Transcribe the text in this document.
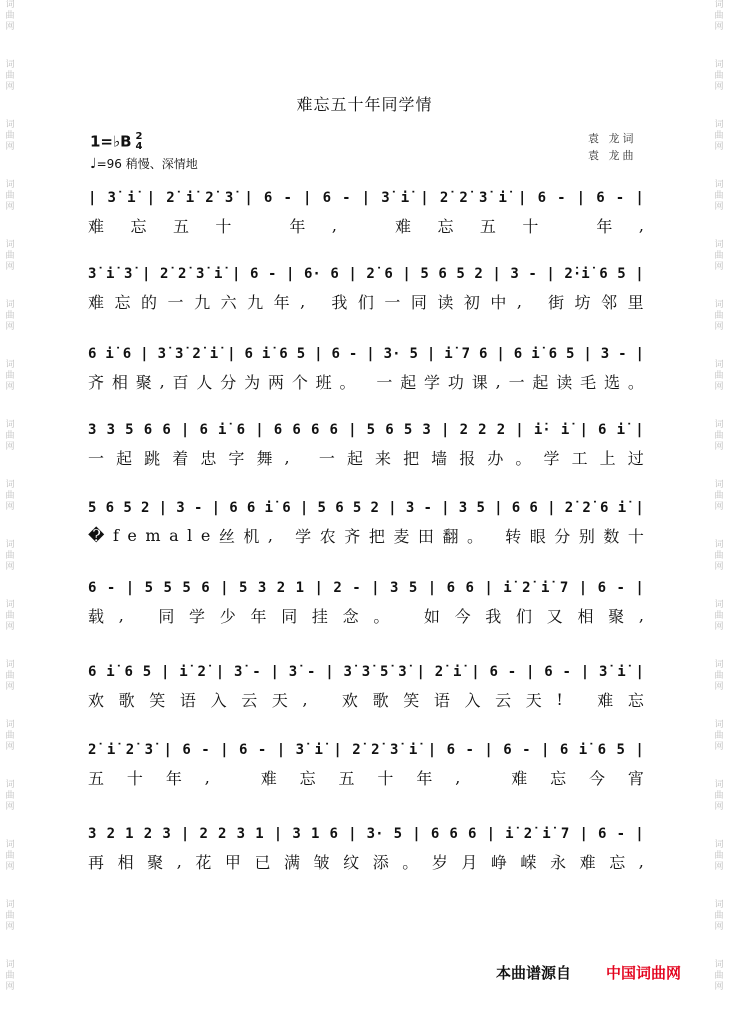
词
曲
网
词
曲
网
词
曲
网
词
曲
网
词
曲
网
词
曲
网
词
曲
网
词
曲
网
词
曲
网
词
曲
网
词
曲
网
词
曲
网
词
曲
网
词
曲
网
词
曲
网
词
曲
网
词
曲
网
词
曲
网
词
曲
网
词
曲
网
词
曲
网
词
曲
网
词
曲
网
词
曲
网
词
曲
网
词
曲
网
词
曲
网
词
曲
网
词
曲
网
词
曲
网
词
曲
网
词
曲
网
词
曲
网
词
曲
网
难忘五十年同学情
1=♭B 2
4
♩=96 稍慢、深情地
袁 龙词
袁 龙曲
| 3̇ i̇ | 2̇ i̇ 2̇ 3̇ | 6 - | 6 - | 3̇ i̇ | 2̇ 2̇ 3̇ i̇ | 6 - | 6 - |
难 忘 五 十
	年 ,
	难 忘 五 十
	年 ,
3̇ i̇ 3̇ | 2̇ 2̇ 3̇ i̇ | 6 - | 6· 6 | 2̇ 6 | 5 6 5 2 | 3 - | 2̇·i̇ 6 5 |
难 忘 的 一 九 六 九 年 ,
我 们 一 同 读 初 中 ,
街 坊 邻 里
6 i̇ 6 | 3̇ 3̇ 2̇ i̇ | 6 i̇ 6 5 | 6 - | 3· 5 | i̇ 7 6 | 6 i̇ 6 5 | 3 - |
齐 相 聚 , 百 人 分 为 两 个 班 。
一 起 学 功 课 , 一 起 读 毛 选 。
3 3 5 6 6 | 6 i̇ 6 | 6 6 6 6 | 5 6 5 3 | 2 2 2 | i̇· i̇ | 6 i̇ |
一 起 跳 着 忠 字 舞 ,
一 起 来 把 墙 报 办 。 学 工 上 过
5 6 5 2 | 3 - | 6 6 i̇ 6 | 5 6 5 2 | 3 - | 3 5 | 6 6 | 2̇ 2̇ 6 i̇ |
� f e m a l e 丝 机 ,
学 农 齐 把 麦 田 翻 。
转 眼 分 别 数 十
6 - | 5 5 5 6 | 5 3 2 1 | 2 - | 3 5 | 6 6 | i̇ 2̇ i̇ 7 | 6 - |
载 ,
同 学 少 年 同 挂 念 。
如 今 我 们 又 相 聚 ,
6 i̇ 6 5 | i̇ 2̇ | 3̇ - | 3̇ - | 3̇ 3̇ 5̇ 3̇ | 2̇ i̇ | 6 - | 6 - | 3̇ i̇ |
欢 歌 笑 语 入 云 天 ,
欢 歌 笑 语 入 云 天 !
难 忘
2̇ i̇ 2̇ 3̇ | 6 - | 6 - | 3̇ i̇ | 2̇ 2̇ 3̇ i̇ | 6 - | 6 - | 6 i̇ 6 5 |
五 十 年 ,
	难 忘 五 十 年 ,
	难 忘 今 宵
3 2 1 2 3 | 2 2 3 1 | 3 1 6 | 3· 5 | 6 6 6 | i̇ 2̇ i̇ 7 | 6 - |
再 相 聚 , 花 甲 已 满 皱 纹 添 。 岁 月 峥 嵘 永 难 忘 ,
本曲谱源自 中国词曲网
